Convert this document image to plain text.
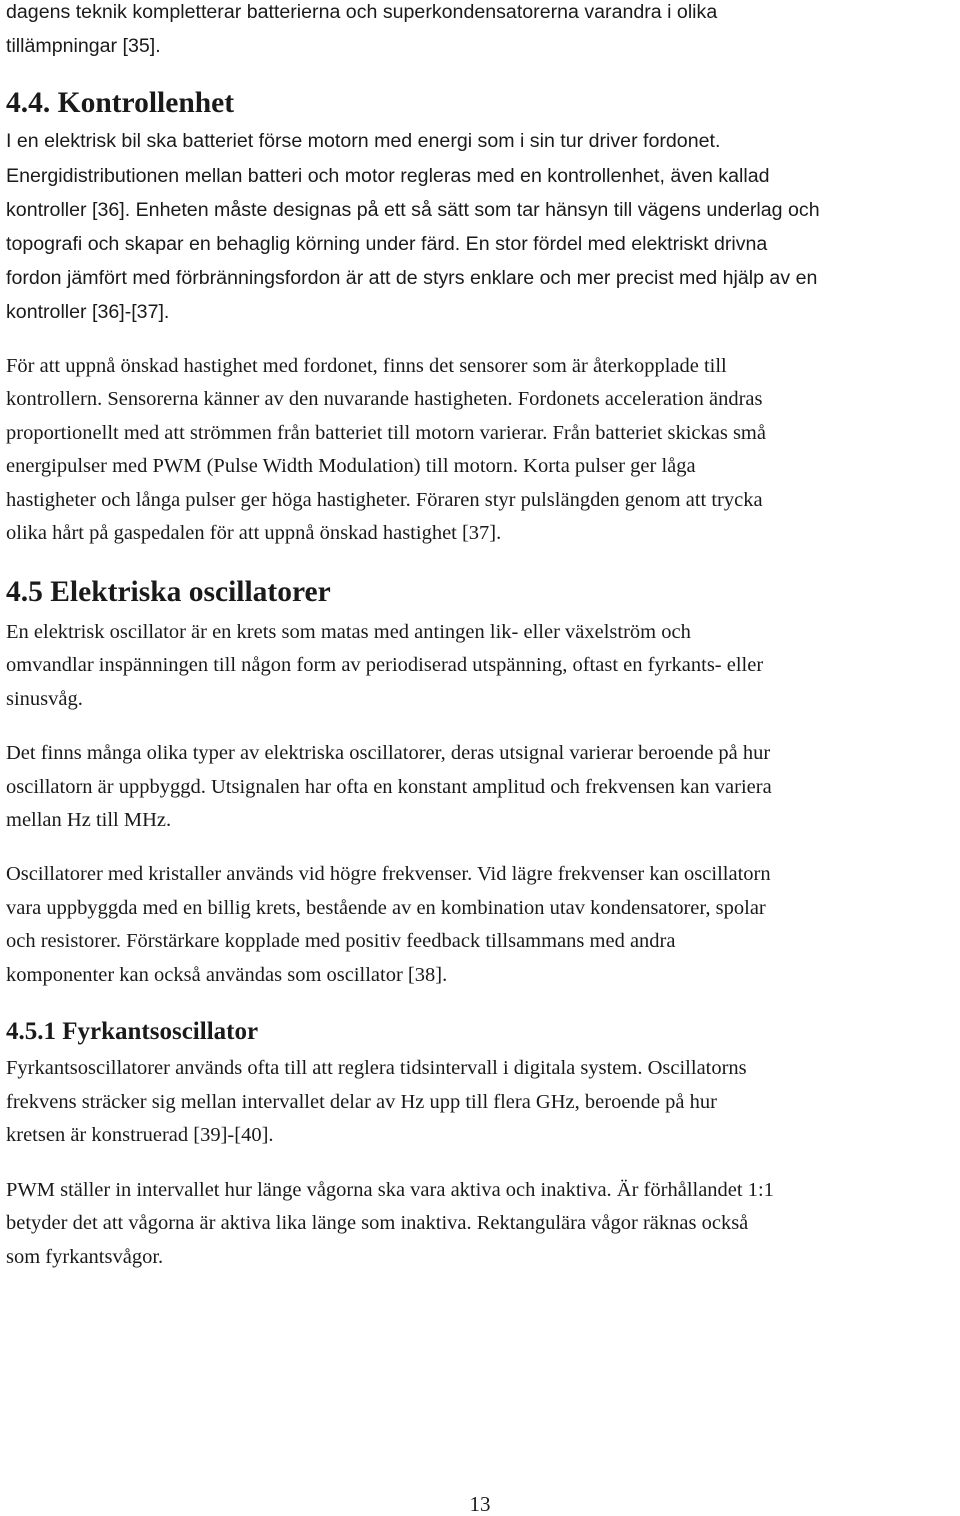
dagens teknik kompletterar batterierna och superkondensatorerna varandra i olika
tillämpningar [35].
4.4. Kontrollenhet
I en elektrisk bil ska batteriet förse motorn med energi som i sin tur driver fordonet.
Energidistributionen mellan batteri och motor regleras med en kontrollenhet, även kallad
kontroller [36]. Enheten måste designas på ett så sätt som tar hänsyn till vägens underlag och
topografi och skapar en behaglig körning under färd. En stor fördel med elektriskt drivna
fordon jämfört med förbränningsfordon är att de styrs enklare och mer precist med hjälp av en
kontroller [36]-[37].
För att uppnå önskad hastighet med fordonet, finns det sensorer som är återkopplade till
kontrollern. Sensorerna känner av den nuvarande hastigheten. Fordonets acceleration ändras
proportionellt med att strömmen från batteriet till motorn varierar. Från batteriet skickas små
energipulser med PWM (Pulse Width Modulation) till motorn. Korta pulser ger låga
hastigheter och långa pulser ger höga hastigheter. Föraren styr pulslängden genom att trycka
olika hårt på gaspedalen för att uppnå önskad hastighet [37].
4.5 Elektriska oscillatorer
En elektrisk oscillator är en krets som matas med antingen lik- eller växelström och
omvandlar inspänningen till någon form av periodiserad utspänning, oftast en fyrkants- eller
sinusvåg.
Det finns många olika typer av elektriska oscillatorer, deras utsignal varierar beroende på hur
oscillatorn är uppbyggd. Utsignalen har ofta en konstant amplitud och frekvensen kan variera
mellan Hz till MHz.
Oscillatorer med kristaller används vid högre frekvenser. Vid lägre frekvenser kan oscillatorn
vara uppbyggda med en billig krets, bestående av en kombination utav kondensatorer, spolar
och resistorer. Förstärkare kopplade med positiv feedback tillsammans med andra
komponenter kan också användas som oscillator [38].
4.5.1 Fyrkantsoscillator
Fyrkantsoscillatorer används ofta till att reglera tidsintervall i digitala system. Oscillatorns
frekvens sträcker sig mellan intervallet delar av Hz upp till flera GHz, beroende på hur
kretsen är konstruerad [39]-[40].
PWM ställer in intervallet hur länge vågorna ska vara aktiva och inaktiva. Är förhållandet 1:1
betyder det att vågorna är aktiva lika länge som inaktiva. Rektangulära vågor räknas också
som fyrkantsvågor.
13
